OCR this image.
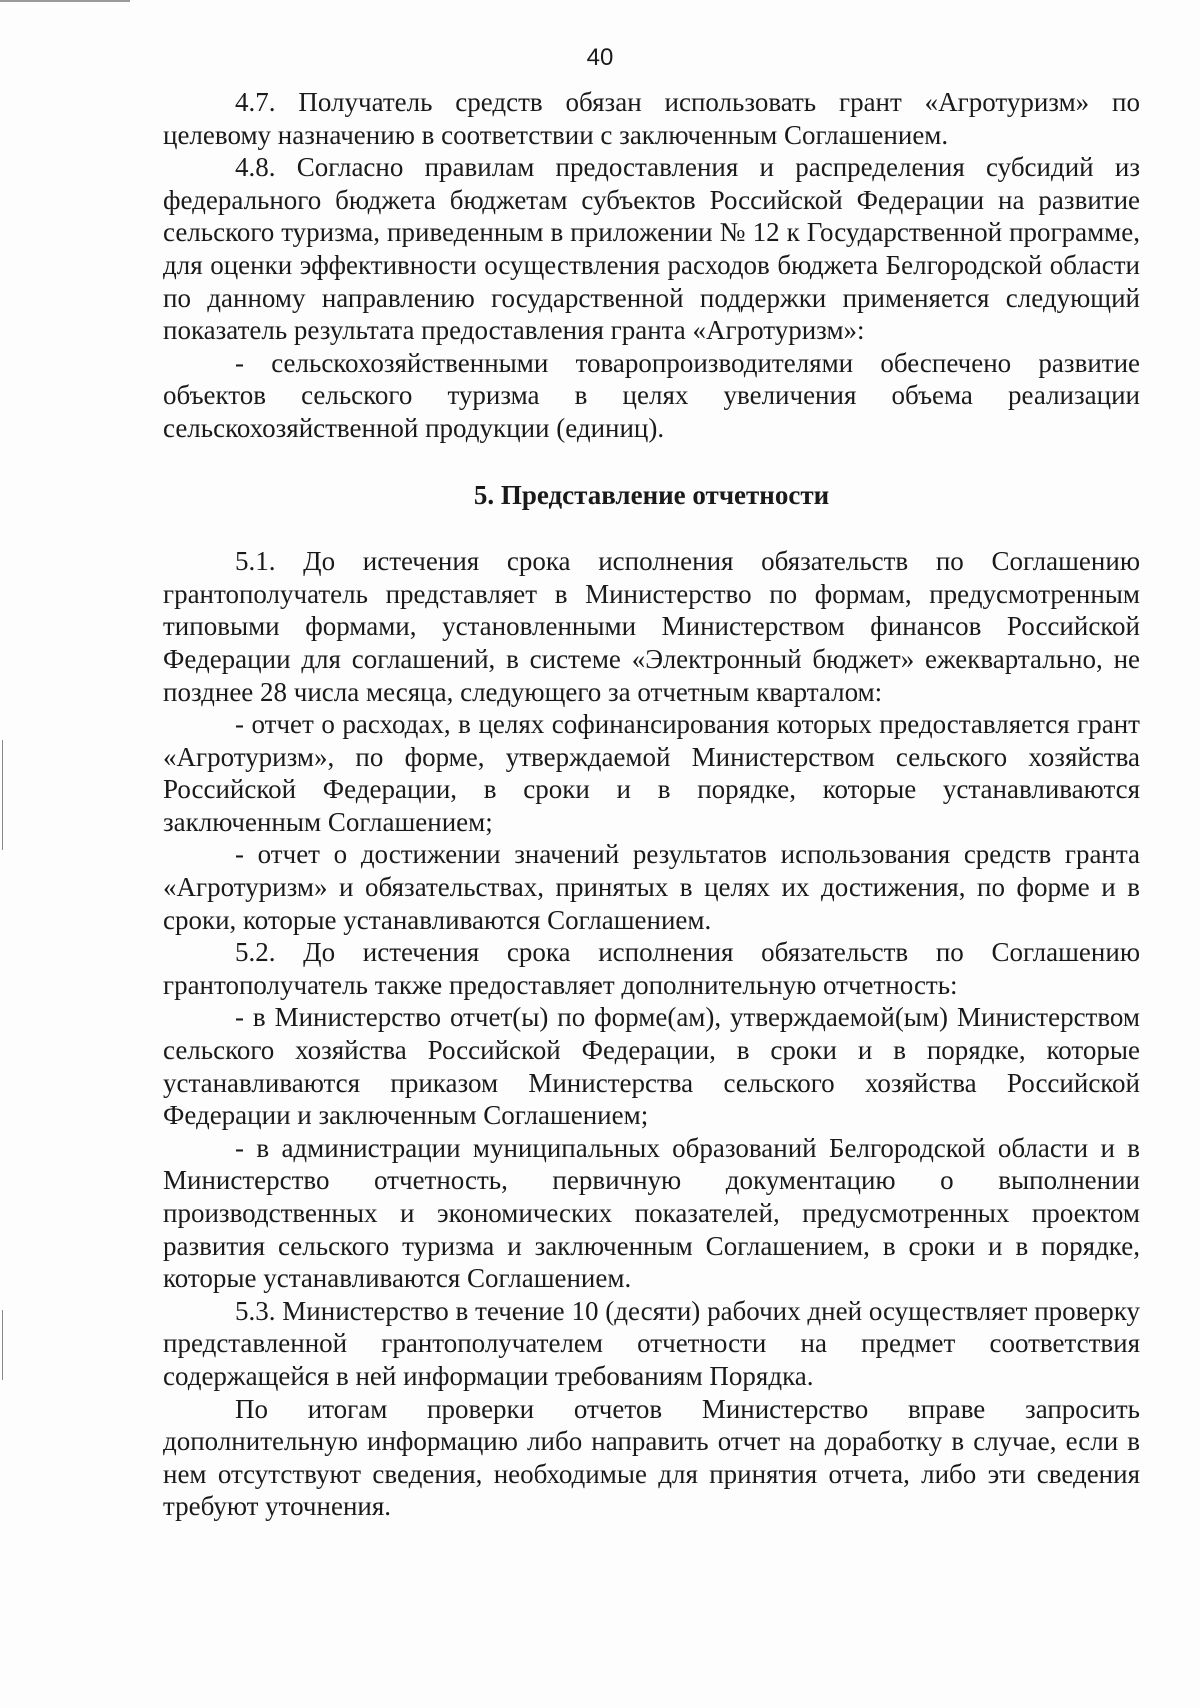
40

4.7. Получатель средств обязан использовать грант «Агротуризм» по целевому назначению в соответствии с заключенным Соглашением.

4.8. Согласно правилам предоставления и распределения субсидий из федерального бюджета бюджетам субъектов Российской Федерации на развитие сельского туризма, приведенным в приложении № 12 к Государственной программе, для оценки эффективности осуществления расходов бюджета Белгородской области по данному направлению государственной поддержки применяется следующий показатель результата предоставления гранта «Агротуризм»:

- сельскохозяйственными товаропроизводителями обеспечено развитие объектов сельского туризма в целях увеличения объема реализации сельскохозяйственной продукции (единиц).

5. Представление отчетности

5.1. До истечения срока исполнения обязательств по Соглашению грантополучатель представляет в Министерство по формам, предусмотренным типовыми формами, установленными Министерством финансов Российской Федерации для соглашений, в системе «Электронный бюджет» ежеквартально, не позднее 28 числа месяца, следующего за отчетным кварталом:

- отчет о расходах, в целях софинансирования которых предоставляется грант «Агротуризм», по форме, утверждаемой Министерством сельского хозяйства Российской Федерации, в сроки и в порядке, которые устанавливаются заключенным Соглашением;

- отчет о достижении значений результатов использования средств гранта «Агротуризм» и обязательствах, принятых в целях их достижения, по форме и в сроки, которые устанавливаются Соглашением.

5.2. До истечения срока исполнения обязательств по Соглашению грантополучатель также предоставляет дополнительную отчетность:

- в Министерство отчет(ы) по форме(ам), утверждаемой(ым) Министерством сельского хозяйства Российской Федерации, в сроки и в порядке, которые устанавливаются приказом Министерства сельского хозяйства Российской Федерации и заключенным Соглашением;

- в администрации муниципальных образований Белгородской области и в Министерство отчетность, первичную документацию о выполнении производственных и экономических показателей, предусмотренных проектом развития сельского туризма и заключенным Соглашением, в сроки и в порядке, которые устанавливаются Соглашением.

5.3. Министерство в течение 10 (десяти) рабочих дней осуществляет проверку представленной грантополучателем отчетности на предмет соответствия содержащейся в ней информации требованиям Порядка.

По итогам проверки отчетов Министерство вправе запросить дополнительную информацию либо направить отчет на доработку в случае, если в нем отсутствуют сведения, необходимые для принятия отчета, либо эти сведения требуют уточнения.
